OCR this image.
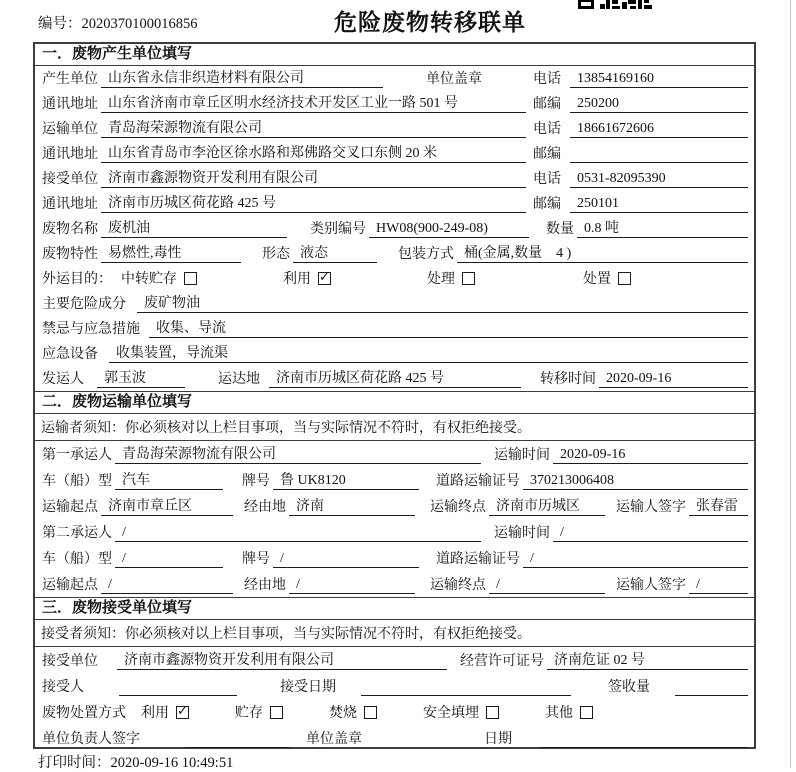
编号：2020370100016856	危险废物转移联单
一．废物产生单位填写
产生单位 山东省永信非织造材料有限公司	单位盖章	电话	13854169160
通讯地址 山东省济南市章丘区明水经济技术开发区工业一路 501 号	邮编	250200
运输单位 青岛海荣源物流有限公司	电话	18661672606
通讯地址 山东省青岛市李沧区徐水路和郑佛路交叉口东侧 20 米	邮编
接受单位 济南市鑫源物资开发利用有限公司	电话	0531-82095390
通讯地址 济南市历城区荷花路 425 号	邮编	250101
废物名称 废机油	类别编号 HW08(900-249-08)	数量 0.8 吨
废物特性 易燃性,毒性	形态 液态	包装方式 桶(金属,数量　4 )
外运目的： 中转贮存	利用 ✓	处理	处置
主要危险成分	废矿物油
禁忌与应急措施	收集、导流
应急设备	收集装置，导流渠
发运人	郭玉波	运达地	济南市历城区荷花路 425 号	转移时间 2020-09-16
二．废物运输单位填写
运输者须知：你必须核对以上栏目事项，当与实际情况不符时，有权拒绝接受。
第一承运人 青岛海荣源物流有限公司	运输时间 2020-09-16
车（船）型 汽车	牌号 鲁 UK8120	道路运输证号 370213006408
运输起点 济南市章丘区	经由地 济南	运输终点 济南市历城区	运输人签字 张春雷
第二承运人 /	运输时间 /
车（船）型 /	牌号 /	道路运输证号 /
运输起点 /	经由地 /	运输终点 /	运输人签字 /
三．废物接受单位填写
接受者须知：你必须核对以上栏目事项，当与实际情况不符时，有权拒绝接受。
接受单位	济南市鑫源物资开发利用有限公司	经营许可证号 济南危证 02 号
接受人	接受日期	签收量
废物处置方式 利用 ✓	贮存	焚烧	安全填埋	其他
单位负责人签字	单位盖章	日期
打印时间：2020-09-16 10:49:51
